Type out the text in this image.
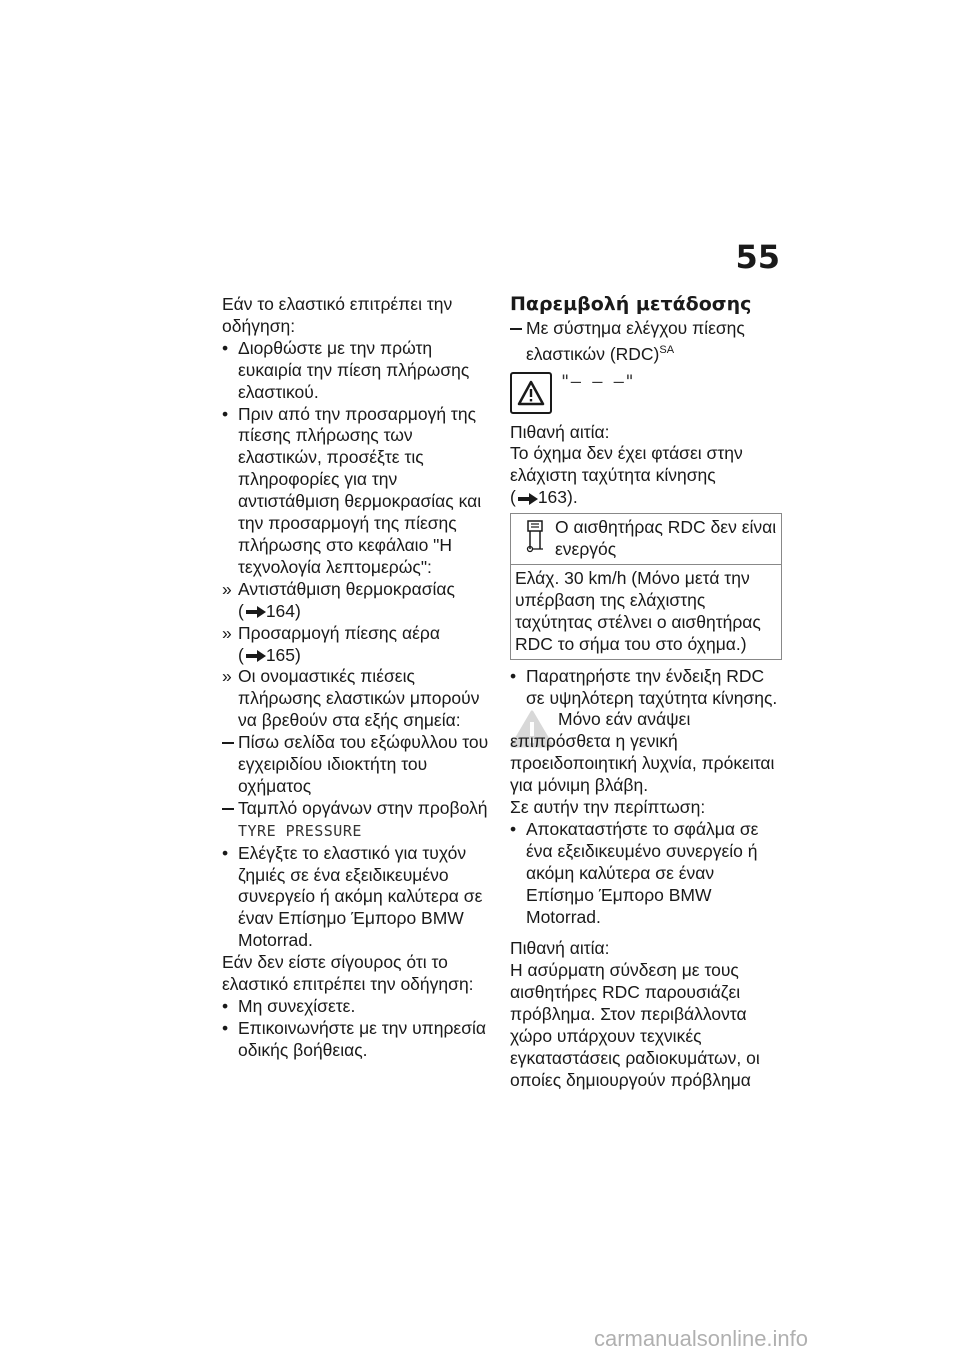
55

Εάν το ελαστικό επιτρέπει την οδήγηση:

• Διορθώστε με την πρώτη ευκαιρία την πίεση πλήρωσης ελαστικού.

• Πριν από την προσαρμογή της πίεσης πλήρωσης των ελαστικών, προσέξτε τις πληροφορίες για την αντιστάθμιση θερμοκρασίας και την προσαρμογή της πίεσης πλήρωσης στο κεφάλαιο "Η τεχνολογία λεπτομερώς":

» Αντιστάθμιση θερμοκρασίας
( 164)

» Προσαρμογή πίεσης αέρα
( 165)

» Οι ονομαστικές πιέσεις πλήρωσης ελαστικών μπορούν να βρεθούν στα εξής σημεία:

Πίσω σελίδα του εξώφυλλου του εγχειριδίου ιδιοκτήτη του οχήματος

Ταμπλό οργάνων στην προβολή
TYRE PRESSURE

• Ελέγξτε το ελαστικό για τυχόν ζημιές σε ένα εξειδικευμένο συνεργείο ή ακόμη καλύτερα σε έναν Επίσημο Έμπορο BMW Motorrad.

Εάν δεν είστε σίγουρος ότι το ελαστικό επιτρέπει την οδήγηση:

• Μη συνεχίσετε.

• Επικοινωνήστε με την υπηρεσία οδικής βοήθειας.

Παρεμβολή μετάδοσης

Με σύστημα ελέγχου πίεσης ελαστικών (RDC)$^{SA}$

"– – –"

Πιθανή αιτία:

Το όχημα δεν έχει φτάσει στην ελάχιστη ταχύτητα κίνησης
( 163).

Ο αισθητήρας RDC δεν είναι ενεργός
Ελάχ. 30 km/h (Μόνο μετά την υπέρβαση της ελάχιστης ταχύτητας στέλνει ο αισθητήρας RDC το σήμα του στο όχημα.)

• Παρατηρήστε την ένδειξη RDC σε υψηλότερη ταχύτητα κίνησης.

Μόνο εάν ανάψει επιπρόσθετα η γενική προειδοποιητική λυχνία, πρόκειται για μόνιμη βλάβη.

Σε αυτήν την περίπτωση:

• Αποκαταστήστε το σφάλμα σε ένα εξειδικευμένο συνεργείο ή ακόμη καλύτερα σε έναν Επίσημο Έμπορο BMW Motorrad.

Πιθανή αιτία:

Η ασύρματη σύνδεση με τους αισθητήρες RDC παρουσιάζει πρόβλημα. Στον περιβάλλοντα χώρο υπάρχουν τεχνικές εγκαταστάσεις ραδιοκυμάτων, οι οποίες δημιουργούν πρόβλημα

carmanualsonline.info
